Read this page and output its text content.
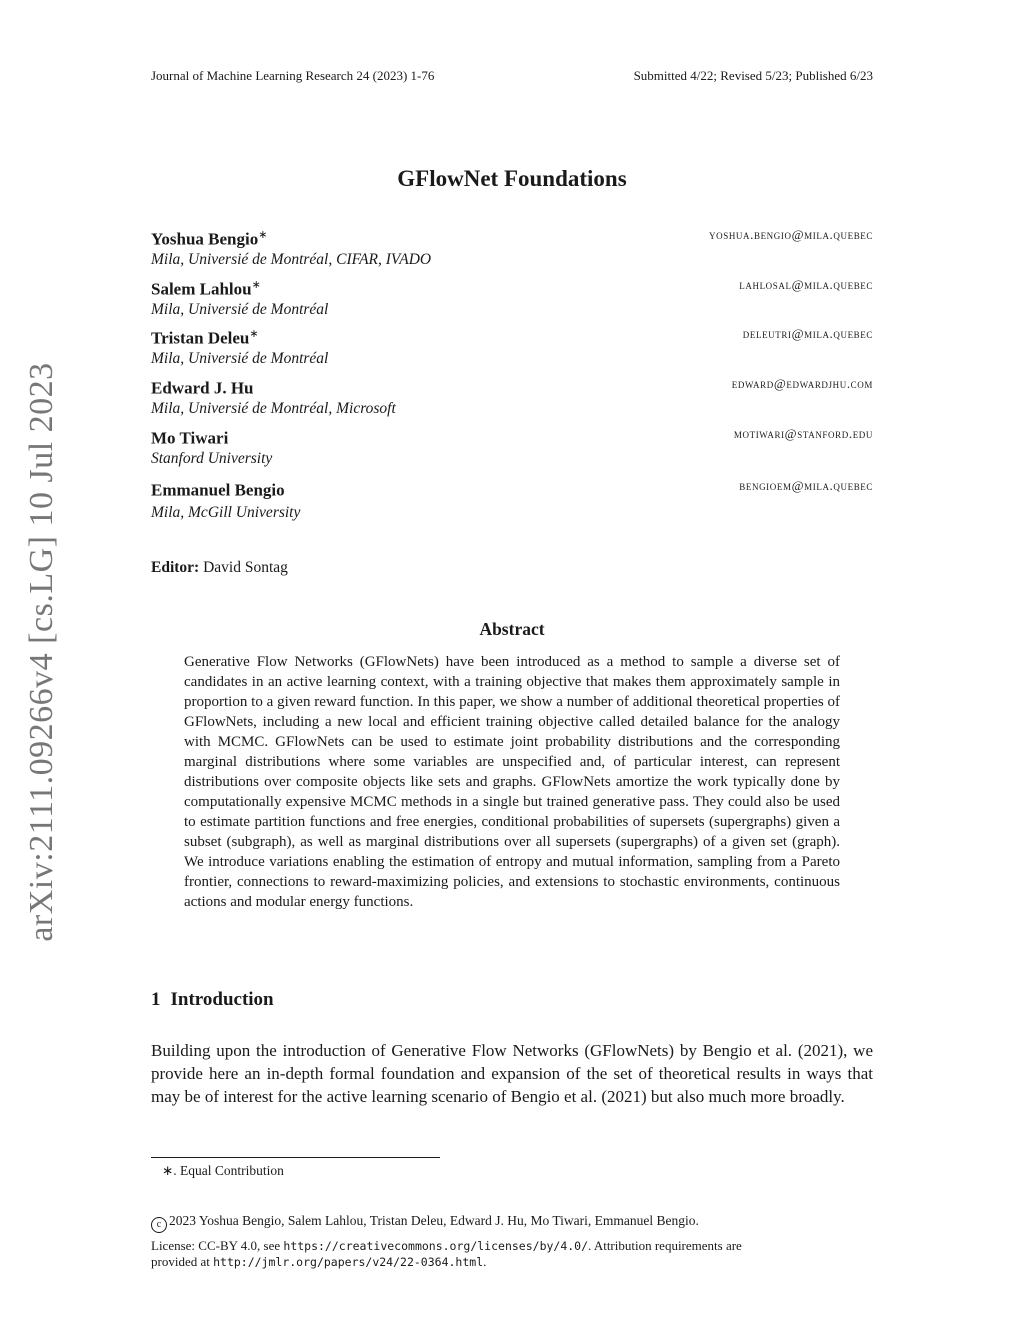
arXiv:2111.09266v4 [cs.LG] 10 Jul 2023
Journal of Machine Learning Research 24 (2023) 1-76	Submitted 4/22; Revised 5/23; Published 6/23
GFlowNet Foundations
Yoshua Bengio∗	yoshua.bengio@mila.quebec
Mila, Universié de Montréal, CIFAR, IVADO
Salem Lahlou∗	lahlosal@mila.quebec
Mila, Universié de Montréal
Tristan Deleu∗	deleutri@mila.quebec
Mila, Universié de Montréal
Edward J. Hu	edward@edwardjhu.com
Mila, Universié de Montréal, Microsoft
Mo Tiwari	motiwari@stanford.edu
Stanford University
Emmanuel Bengio	bengioem@mila.quebec
Mila, McGill University
Editor: David Sontag
Abstract
Generative Flow Networks (GFlowNets) have been introduced as a method to sample a diverse set of candidates in an active learning context, with a training objective that makes them approximately sample in proportion to a given reward function. In this paper, we show a number of additional theoretical properties of GFlowNets, including a new local and efficient training objective called detailed balance for the analogy with MCMC. GFlowNets can be used to estimate joint probability distributions and the corresponding marginal distributions where some variables are unspecified and, of particular interest, can represent distributions over composite objects like sets and graphs. GFlowNets amortize the work typically done by computationally expensive MCMC methods in a single but trained generative pass. They could also be used to estimate partition functions and free energies, conditional probabilities of supersets (supergraphs) given a subset (subgraph), as well as marginal distributions over all supersets (supergraphs) of a given set (graph). We introduce variations enabling the estimation of entropy and mutual information, sampling from a Pareto frontier, connections to reward-maximizing policies, and extensions to stochastic environments, continuous actions and modular energy functions.
1 Introduction
Building upon the introduction of Generative Flow Networks (GFlowNets) by Bengio et al. (2021), we provide here an in-depth formal foundation and expansion of the set of theoretical results in ways that may be of interest for the active learning scenario of Bengio et al. (2021) but also much more broadly.
∗. Equal Contribution
c 2023 Yoshua Bengio, Salem Lahlou, Tristan Deleu, Edward J. Hu, Mo Tiwari, Emmanuel Bengio.
License: CC-BY 4.0, see https://creativecommons.org/licenses/by/4.0/. Attribution requirements are
provided at http://jmlr.org/papers/v24/22-0364.html.
